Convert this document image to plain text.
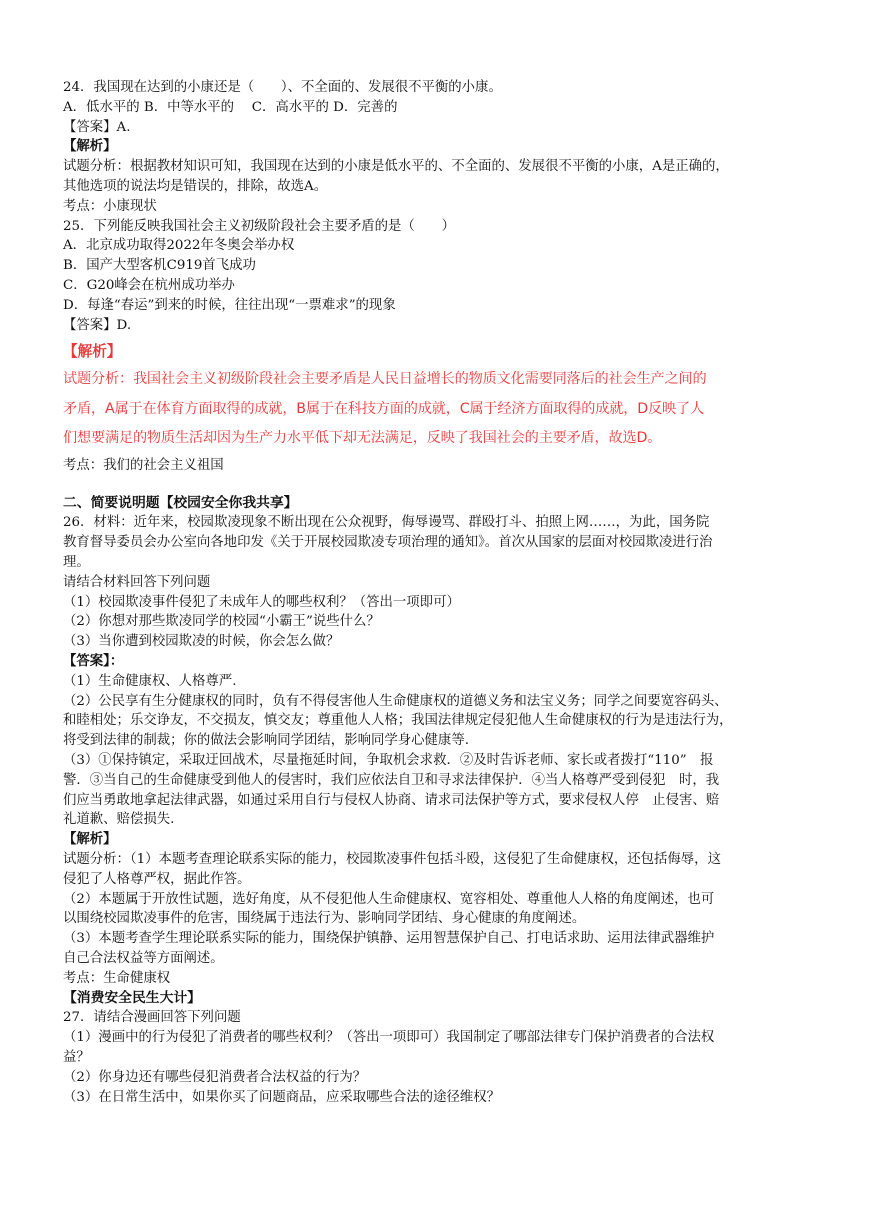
24．我国现在达到的小康还是（　　）、不全面的、发展很不平衡的小康。

A．低水平的 B．中等水平的　 C．高水平的 D．完善的

【答案】A.

【解析】

试题分析：根据教材知识可知，我国现在达到的小康是低水平的、不全面的、发展很不平衡的小康，A是正确的，

其他选项的说法均是错误的，排除，故选A。

考点：小康现状

25．下列能反映我国社会主义初级阶段社会主要矛盾的是（　　）

A．北京成功取得2022年冬奥会举办权

B．国产大型客机C919首飞成功

C．G20峰会在杭州成功举办

D．每逢“春运”到来的时候，往往出现“一票难求”的现象

【答案】D.

【解析】
试题分析：我国社会主义初级阶段社会主要矛盾是人民日益增长的物质文化需要同落后的社会生产之间的
矛盾，A属于在体育方面取得的成就，B属于在科技方面的成就，C属于经济方面取得的成就，D反映了人
们想要满足的物质生活却因为生产力水平低下却无法满足，反映了我国社会的主要矛盾，故选D。

考点：我们的社会主义祖国

二、简要说明题【校园安全你我共享】

26．材料：近年来，校园欺凌现象不断出现在公众视野，侮辱谩骂、群殴打斗、拍照上网……，为此，国务院

教育督导委员会办公室向各地印发《关于开展校园欺凌专项治理的通知》。首次从国家的层面对校园欺凌进行治

理。

请结合材料回答下列问题

（1）校园欺凌事件侵犯了未成年人的哪些权利？（答出一项即可）

（2）你想对那些欺凌同学的校园“小霸王”说些什么？

（3）当你遭到校园欺凌的时候，你会怎么做？

【答案】：

（1）生命健康权、人格尊严.

（2）公民享有生分健康权的同时，负有不得侵害他人生命健康权的道德义务和法宝义务；同学之间要宽容码头、

和睦相处；乐交诤友，不交损友，慎交友；尊重他人人格；我国法律规定侵犯他人生命健康权的行为是违法行为，

将受到法律的制裁；你的做法会影响同学团结，影响同学身心健康等.

（3）①保持镇定，采取迂回战术，尽量拖延时间，争取机会求救．②及时告诉老师、家长或者拨打“110”　报

警．③当自己的生命健康受到他人的侵害时，我们应依法自卫和寻求法律保护．④当人格尊严受到侵犯　时，我

们应当勇敢地拿起法律武器，如通过采用自行与侵权人协商、请求司法保护等方式，要求侵权人停　止侵害、赔

礼道歉、赔偿损失.

【解析】

试题分析：（1）本题考查理论联系实际的能力，校园欺凌事件包括斗殴，这侵犯了生命健康权，还包括侮辱，这

侵犯了人格尊严权，据此作答。

（2）本题属于开放性试题，选好角度，从不侵犯他人生命健康权、宽容相处、尊重他人人格的角度阐述，也可

以围绕校园欺凌事件的危害，围绕属于违法行为、影响同学团结、身心健康的角度阐述。

（3）本题考查学生理论联系实际的能力，围绕保护镇静、运用智慧保护自己、打电话求助、运用法律武器维护

自己合法权益等方面阐述。

考点：生命健康权

【消费安全民生大计】

27．请结合漫画回答下列问题

（1）漫画中的行为侵犯了消费者的哪些权利？（答出一项即可）我国制定了哪部法律专门保护消费者的合法权

益？

（2）你身边还有哪些侵犯消费者合法权益的行为？

（3）在日常生活中，如果你买了问题商品，应采取哪些合法的途径维权？
